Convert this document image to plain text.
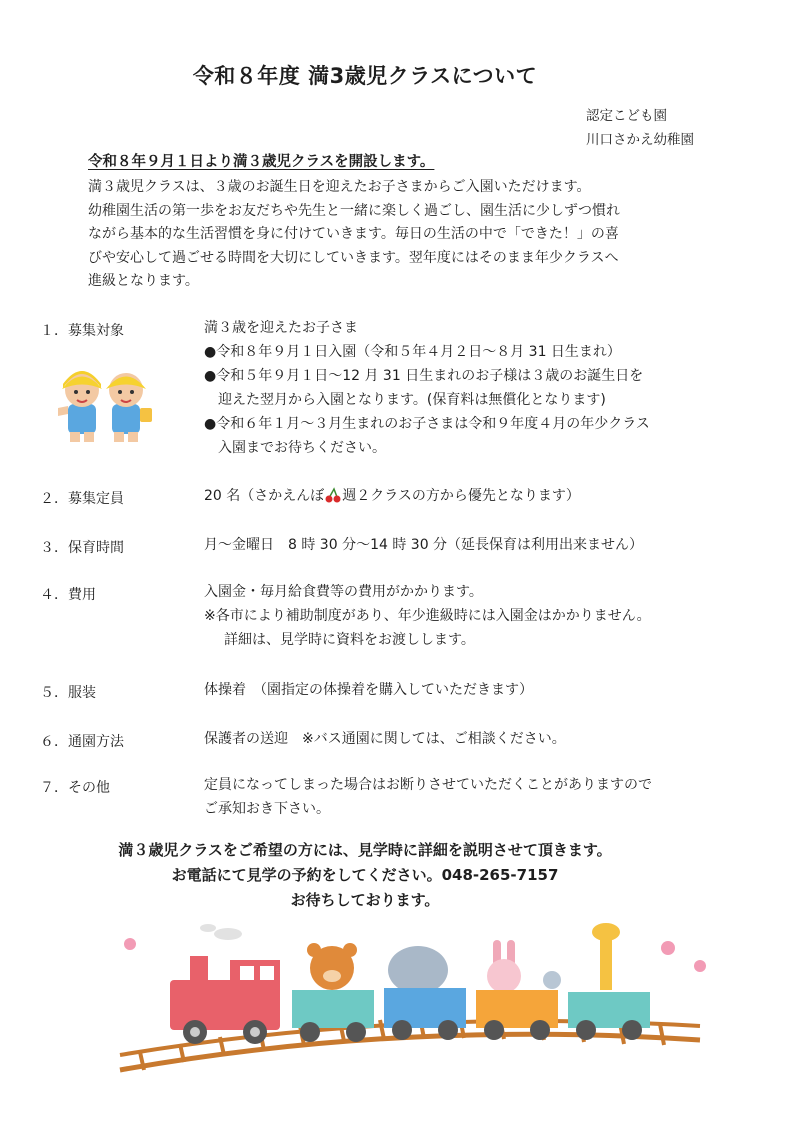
令和８年度 満3歳児クラスについて
認定こども園
川口さかえ幼稚園
令和８年９月１日より満３歳児クラスを開設します。
満３歳児クラスは、３歳のお誕生日を迎えたお子さまからご入園いただけます。
幼稚園生活の第一歩をお友だちや先生と一緒に楽しく過ごし、園生活に少しずつ慣れ
ながら基本的な生活習慣を身に付けていきます。毎日の生活の中で「できた！」の喜
びや安心して過ごせる時間を大切にしていきます。翌年度にはそのまま年少クラスへ
進級となります。
１．募集対象	満３歳を迎えたお子さま
●令和８年９月１日入園（令和５年４月２日～８月 31 日生まれ）
●令和５年９月１日～12 月 31 日生まれのお子様は３歳のお誕生日を
迎えた翌月から入園となります。(保育料は無償化となります)
●令和６年１月～３月生まれのお子さまは令和９年度４月の年少クラス
入園までお待ちください。
２．募集定員	20 名（さかえんぼ 週２クラスの方から優先となります）
３．保育時間	月～金曜日　8 時 30 分～14 時 30 分（延長保育は利用出来ません）
４．費用	入園金・毎月給食費等の費用がかかります。
※各市により補助制度があり、年少進級時には入園金はかかりません。
詳細は、見学時に資料をお渡しします。
５．服装	体操着　（園指定の体操着を購入していただきます）
６．通園方法	保護者の送迎　※バス通園に関しては、ご相談ください。
７．その他	定員になってしまった場合はお断りさせていただくことがありますので
ご承知おき下さい。
満３歳児クラスをご希望の方には、見学時に詳細を説明させて頂きます。
お電話にて見学の予約をしてください。048-265-7157
お待ちしております。
